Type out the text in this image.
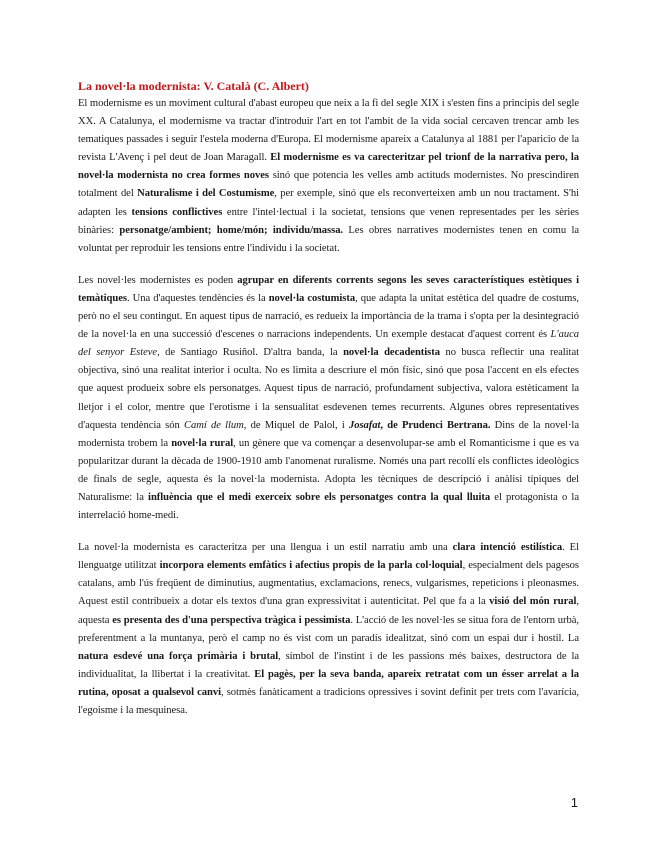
La novel·la modernista: V. Català (C. Albert)

El modernisme es un moviment cultural d'abast europeu que neix a la fi del segle XIX i s'esten fins a principis del segle XX. A Catalunya, el modernisme va tractar d'introduir l'art en tot l'ambit de la vida social cercaven trencar amb les tematiques passades i seguir l'estela moderna d'Europa. El modernisme apareix a Catalunya al 1881 per l'aparicio de la revista L'Avenç i pel deut de Joan Maragall. El modernisme es va carecteritzar pel trionf de la narrativa pero, la novel·la modernista no crea formes noves sinó que potencia les velles amb actituds modernistes. No prescindiren totalment del Naturalisme i del Costumisme, per exemple, sinó que els reconverteixen amb un nou tractament. S'hi adapten les tensions conflictives entre l'intel·lectual i la societat, tensions que venen representades per les sèries binàries: personatge/ambient; home/món; individu/massa. Les obres narratives modernistes tenen en comu la voluntat per reproduir les tensions entre l'individu i la societat.

Les novel·les modernistes es poden agrupar en diferents corrents segons les seves característiques estètiques i temàtiques. Una d'aquestes tendències és la novel·la costumista, que adapta la unitat estètica del quadre de costums, però no el seu contingut. En aquest tipus de narració, es redueix la importància de la trama i s'opta per la desintegració de la novel·la en una successió d'escenes o narracions independents. Un exemple destacat d'aquest corrent és L'auca del senyor Esteve, de Santiago Rusiñol. D'altra banda, la novel·la decadentista no busca reflectir una realitat objectiva, sinó una realitat interior i oculta. No es limita a descriure el món físic, sinó que posa l'accent en els efectes que aquest produeix sobre els personatges. Aquest tipus de narració, profundament subjectiva, valora estèticament la lletjor i el color, mentre que l'erotisme i la sensualitat esdevenen temes recurrents. Algunes obres representatives d'aquesta tendència són Camí de llum, de Miquel de Palol, i Josafat, de Prudenci Bertrana. Dins de la novel·la modernista trobem la novel·la rural, un gènere que va començar a desenvolupar-se amb el Romanticisme i que es va popularitzar durant la dècada de 1900-1910 amb l'anomenat ruralisme. Només una part recollí els conflictes ideològics de finals de segle, aquesta és la novel·la modernista. Adopta les tècniques de descripció i anàlisi típiques del Naturalisme: la influència que el medi exerceix sobre els personatges contra la qual lluita el protagonista o la interrelació home-medi.

La novel·la modernista es caracteritza per una llengua i un estil narratiu amb una clara intenció estilística. El llenguatge utilitzat incorpora elements emfàtics i afectius propis de la parla col·loquial, especialment dels pagesos catalans, amb l'ús freqüent de diminutius, augmentatius, exclamacions, renecs, vulgarismes, repeticions i pleonasmes. Aquest estil contribueix a dotar els textos d'una gran expressivitat i autenticitat. Pel que fa a la visió del món rural, aquesta es presenta des d'una perspectiva tràgica i pessimista. L'acció de les novel·les se situa fora de l'entorn urbà, preferentment a la muntanya, però el camp no és vist com un paradís idealitzat, sinó com un espai dur i hostil. La natura esdevé una força primària i brutal, símbol de l'instint i de les passions més baixes, destructora de la individualitat, la llibertat i la creativitat. El pagès, per la seva banda, apareix retratat com un ésser arrelat a la rutina, oposat a qualsevol canvi, sotmès fanàticament a tradicions opressives i sovint definit per trets com l'avarícia, l'egoisme i la mesquinesa.

1
